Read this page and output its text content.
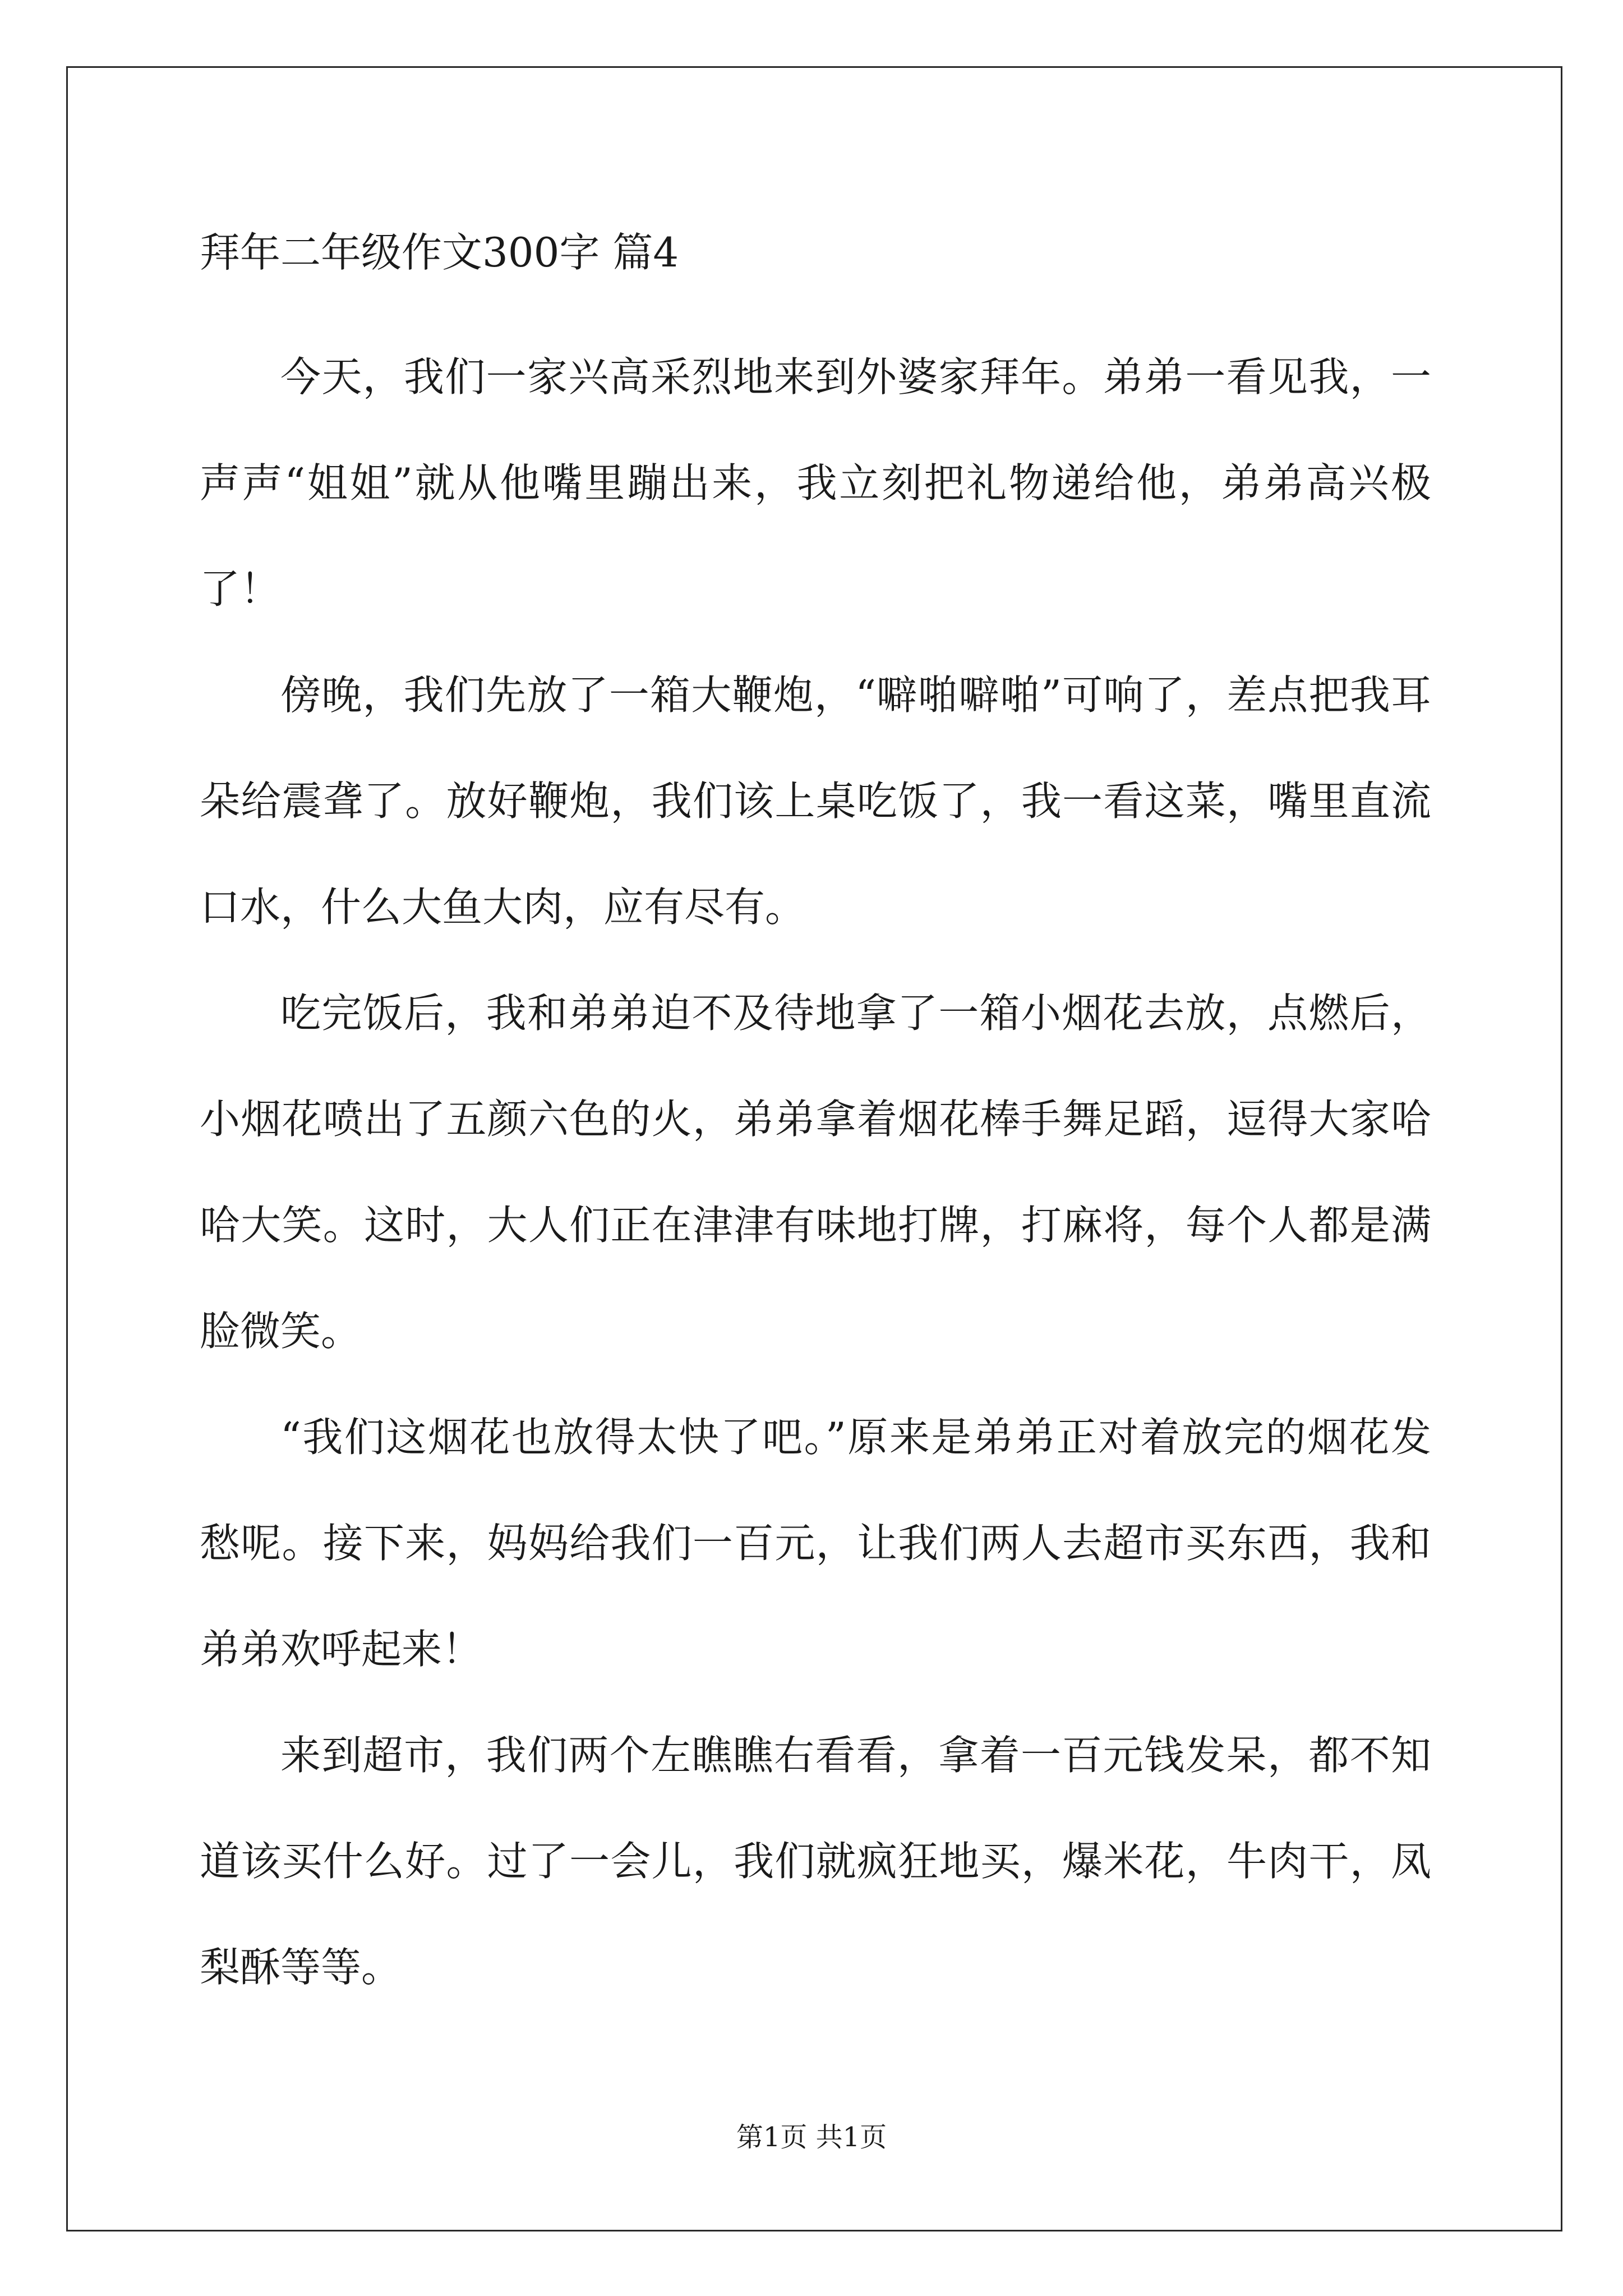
拜年二年级作文300字 篇4

今天，我们一家兴高采烈地来到外婆家拜年。弟弟一看见我，一声声“姐姐”就从他嘴里蹦出来，我立刻把礼物递给他，弟弟高兴极了！

傍晚，我们先放了一箱大鞭炮，“噼啪噼啪”可响了，差点把我耳朵给震聋了。放好鞭炮，我们该上桌吃饭了，我一看这菜，嘴里直流口水，什么大鱼大肉，应有尽有。

吃完饭后，我和弟弟迫不及待地拿了一箱小烟花去放，点燃后，小烟花喷出了五颜六色的火，弟弟拿着烟花棒手舞足蹈，逗得大家哈哈大笑。这时，大人们正在津津有味地打牌，打麻将，每个人都是满脸微笑。

“我们这烟花也放得太快了吧。”原来是弟弟正对着放完的烟花发愁呢。接下来，妈妈给我们一百元，让我们两人去超市买东西，我和弟弟欢呼起来！

来到超市，我们两个左瞧瞧右看看，拿着一百元钱发呆，都不知道该买什么好。过了一会儿，我们就疯狂地买，爆米花，牛肉干，凤梨酥等等。

第1页 共1页
